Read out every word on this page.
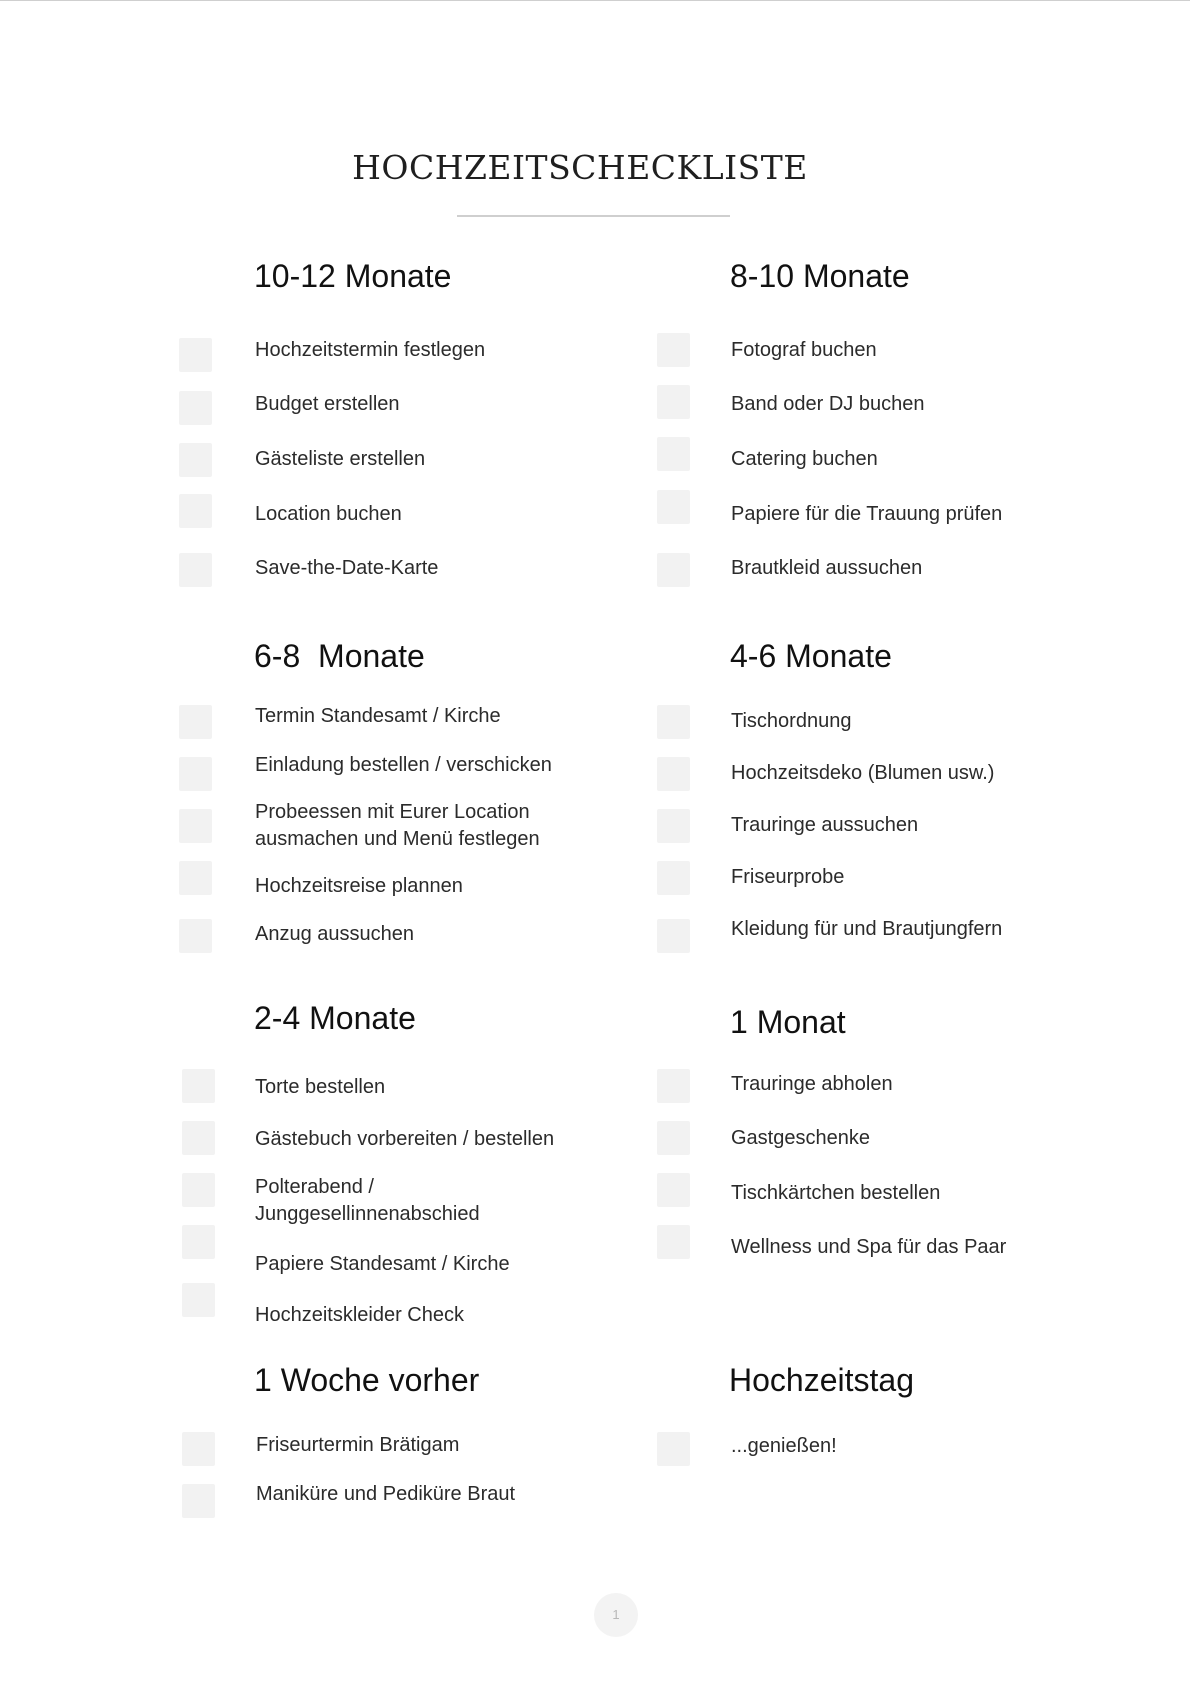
HOCHZEITSCHECKLISTE
10-12 Monate
Hochzeitstermin festlegen
Budget erstellen
Gästeliste erstellen
Location buchen
Save-the-Date-Karte
8-10 Monate
Fotograf buchen
Band oder DJ buchen
Catering buchen
Papiere für die Trauung prüfen
Brautkleid aussuchen
6-8  Monate
Termin Standesamt / Kirche
Einladung bestellen / verschicken
Probeessen mit Eurer Location
ausmachen und Menü festlegen
Hochzeitsreise plannen
Anzug aussuchen
4-6 Monate
Tischordnung
Hochzeitsdeko (Blumen usw.)
Trauringe aussuchen
Friseurprobe
Kleidung für und Brautjungfern
2-4 Monate
Torte bestellen
Gästebuch vorbereiten / bestellen
Polterabend /
Junggesellinnenabschied
Papiere Standesamt / Kirche
Hochzeitskleider Check
1 Monat
Trauringe abholen
Gastgeschenke
Tischkärtchen bestellen
Wellness und Spa für das Paar
1 Woche vorher
Friseurtermin Brätigam
Maniküre und Pediküre Braut
Hochzeitstag
...genießen!
1
